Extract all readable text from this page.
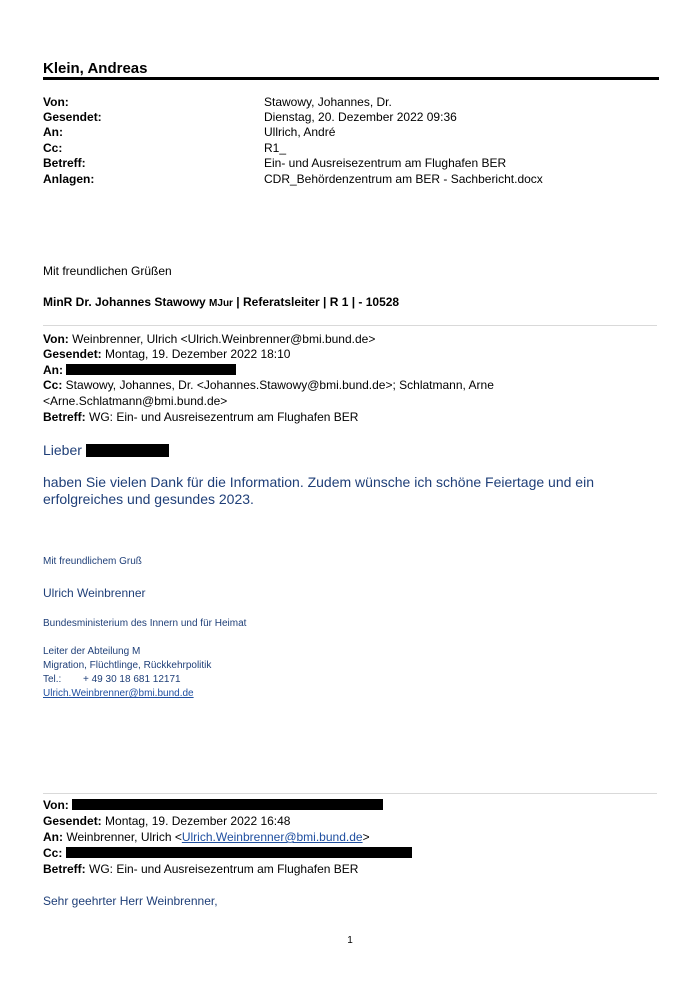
Klein, Andreas
Von:	Stawowy, Johannes, Dr.
Gesendet:	Dienstag, 20. Dezember 2022 09:36
An:	Ullrich, André
Cc:	R1_
Betreff:	Ein- und Ausreisezentrum am Flughafen BER
Anlagen:	CDR_Behördenzentrum am BER - Sachbericht.docx
Mit freundlichen Grüßen
MinR Dr. Johannes Stawowy MJur | Referatsleiter | R 1 | - 10528
Von: Weinbrenner, Ulrich <Ulrich.Weinbrenner@bmi.bund.de>
Gesendet: Montag, 19. Dezember 2022 18:10
An:
Cc: Stawowy, Johannes, Dr. <Johannes.Stawowy@bmi.bund.de>; Schlatmann, Arne
<Arne.Schlatmann@bmi.bund.de>
Betreff: WG: Ein- und Ausreisezentrum am Flughafen BER
Lieber
haben Sie vielen Dank für die Information. Zudem wünsche ich schöne Feiertage und ein erfolgreiches und gesundes 2023.
Mit freundlichem Gruß
Ulrich Weinbrenner
Bundesministerium des Innern und für Heimat
Leiter der Abteilung M
Migration, Flüchtlinge, Rückkehrpolitik
Tel.: + 49 30 18 681 12171
Ulrich.Weinbrenner@bmi.bund.de
Von:
Gesendet: Montag, 19. Dezember 2022 16:48
An: Weinbrenner, Ulrich <Ulrich.Weinbrenner@bmi.bund.de>
Cc:
Betreff: WG: Ein- und Ausreisezentrum am Flughafen BER
Sehr geehrter Herr Weinbrenner,
1
